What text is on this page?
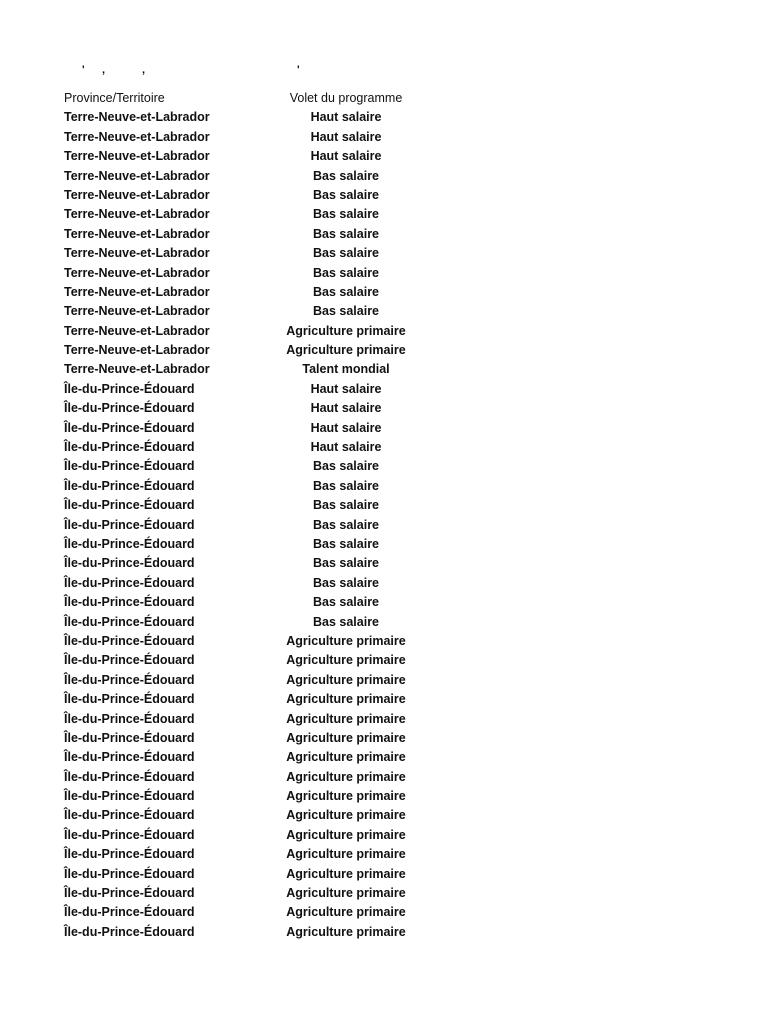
' ,	,	'
Province/Territoire	Volet du programme
Terre-Neuve-et-Labrador	Haut salaire
Terre-Neuve-et-Labrador	Haut salaire
Terre-Neuve-et-Labrador	Haut salaire
Terre-Neuve-et-Labrador	Bas salaire
Terre-Neuve-et-Labrador	Bas salaire
Terre-Neuve-et-Labrador	Bas salaire
Terre-Neuve-et-Labrador	Bas salaire
Terre-Neuve-et-Labrador	Bas salaire
Terre-Neuve-et-Labrador	Bas salaire
Terre-Neuve-et-Labrador	Bas salaire
Terre-Neuve-et-Labrador	Bas salaire
Terre-Neuve-et-Labrador	Agriculture primaire
Terre-Neuve-et-Labrador	Agriculture primaire
Terre-Neuve-et-Labrador	Talent mondial
Île-du-Prince-Édouard	Haut salaire
Île-du-Prince-Édouard	Haut salaire
Île-du-Prince-Édouard	Haut salaire
Île-du-Prince-Édouard	Haut salaire
Île-du-Prince-Édouard	Bas salaire
Île-du-Prince-Édouard	Bas salaire
Île-du-Prince-Édouard	Bas salaire
Île-du-Prince-Édouard	Bas salaire
Île-du-Prince-Édouard	Bas salaire
Île-du-Prince-Édouard	Bas salaire
Île-du-Prince-Édouard	Bas salaire
Île-du-Prince-Édouard	Bas salaire
Île-du-Prince-Édouard	Bas salaire
Île-du-Prince-Édouard	Agriculture primaire
Île-du-Prince-Édouard	Agriculture primaire
Île-du-Prince-Édouard	Agriculture primaire
Île-du-Prince-Édouard	Agriculture primaire
Île-du-Prince-Édouard	Agriculture primaire
Île-du-Prince-Édouard	Agriculture primaire
Île-du-Prince-Édouard	Agriculture primaire
Île-du-Prince-Édouard	Agriculture primaire
Île-du-Prince-Édouard	Agriculture primaire
Île-du-Prince-Édouard	Agriculture primaire
Île-du-Prince-Édouard	Agriculture primaire
Île-du-Prince-Édouard	Agriculture primaire
Île-du-Prince-Édouard	Agriculture primaire
Île-du-Prince-Édouard	Agriculture primaire
Île-du-Prince-Édouard	Agriculture primaire
Île-du-Prince-Édouard	Agriculture primaire
